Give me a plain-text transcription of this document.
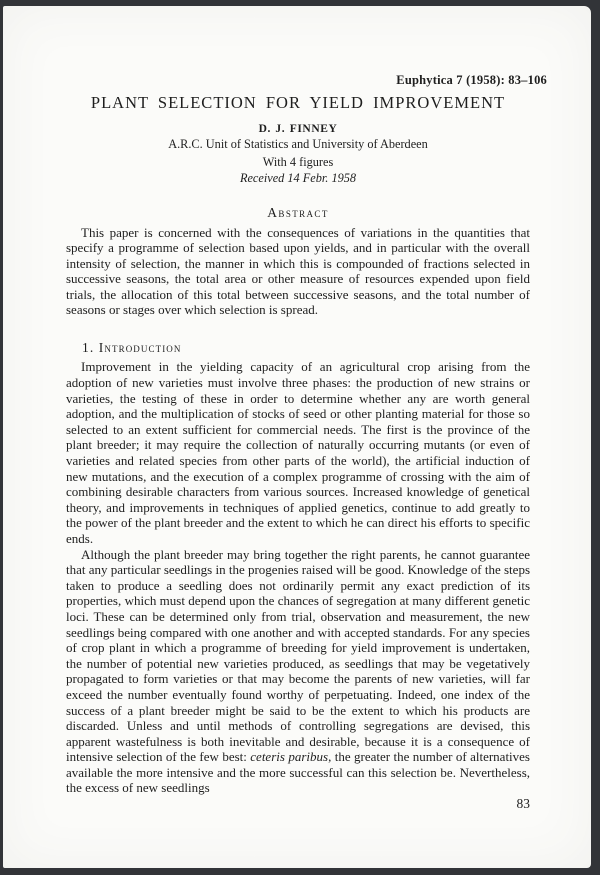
Euphytica 7 (1958): 83–106
PLANT SELECTION FOR YIELD IMPROVEMENT
D. J. FINNEY
A.R.C. Unit of Statistics and University of Aberdeen
With 4 figures
Received 14 Febr. 1958
Abstract

This paper is concerned with the consequences of variations in the quantities that specify a programme of selection based upon yields, and in particular with the overall intensity of selection, the manner in which this is compounded of fractions selected in successive seasons, the total area or other measure of resources expended upon field trials, the allocation of this total between successive seasons, and the total number of seasons or stages over which selection is spread.

1. Introduction

Improvement in the yielding capacity of an agricultural crop arising from the adoption of new varieties must involve three phases: the production of new strains or varieties, the testing of these in order to determine whether any are worth general adoption, and the multiplication of stocks of seed or other planting material for those so selected to an extent sufficient for commercial needs. The first is the province of the plant breeder; it may require the collection of naturally occurring mutants (or even of varieties and related species from other parts of the world), the artificial induction of new mutations, and the execution of a complex programme of crossing with the aim of combining desirable characters from various sources. Increased knowledge of genetical theory, and improvements in techniques of applied genetics, continue to add greatly to the power of the plant breeder and the extent to which he can direct his efforts to specific ends.

Although the plant breeder may bring together the right parents, he cannot guarantee that any particular seedlings in the progenies raised will be good. Knowledge of the steps taken to produce a seedling does not ordinarily permit any exact prediction of its properties, which must depend upon the chances of segregation at many different genetic loci. These can be determined only from trial, observation and measurement, the new seedlings being compared with one another and with accepted standards. For any species of crop plant in which a programme of breeding for yield improvement is undertaken, the number of potential new varieties produced, as seedlings that may be vegetatively propagated to form varieties or that may become the parents of new varieties, will far exceed the number eventually found worthy of perpetuating. Indeed, one index of the success of a plant breeder might be said to be the extent to which his products are discarded. Unless and until methods of controlling segregations are devised, this apparent wastefulness is both inevitable and desirable, because it is a consequence of intensive selection of the few best: ceteris paribus, the greater the number of alternatives available the more intensive and the more successful can this selection be. Nevertheless, the excess of new seedlings

83
